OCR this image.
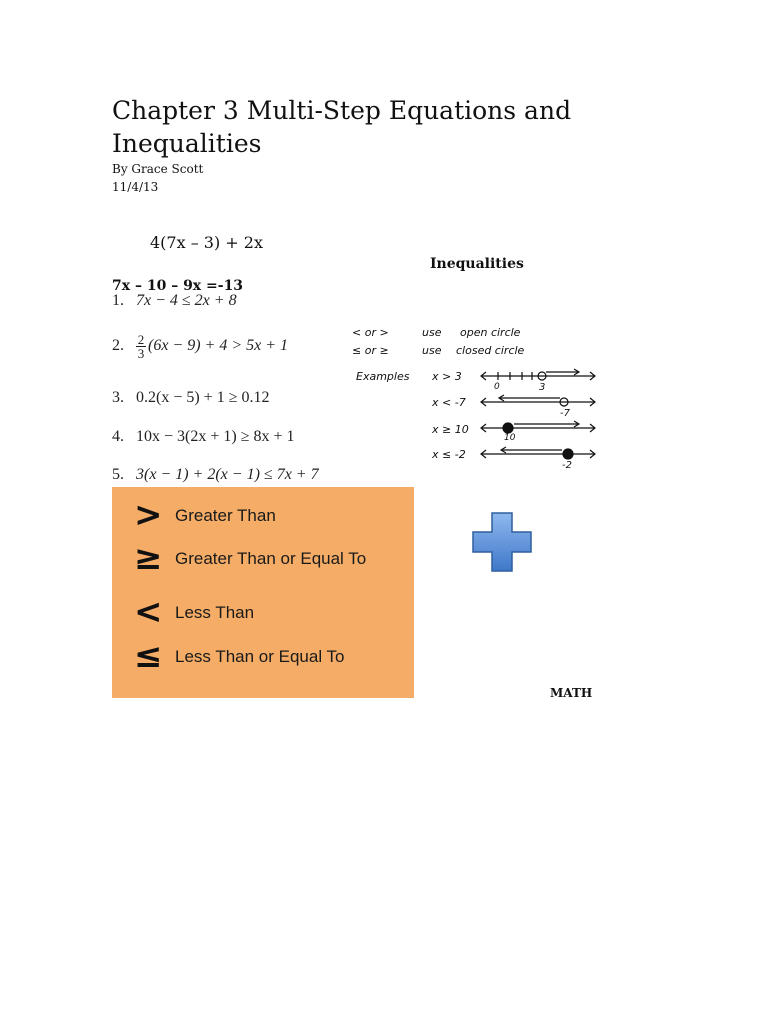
Chapter 3 Multi-Step Equations and Inequalities
By Grace Scott
11/4/13
4(7x – 3) + 2x
Inequalities
7x – 10 – 9x =-13
1. 7x − 4 ≤ 2x + 8
2. $\frac{2}{3} (6x - 9) + 4 > 5x + 1$
3. 0.2(x − 5) + 1 ≥ 0.12
4. 10x − 3(2x + 1) ≥ 8x + 1
5. 3(x − 1) + 2(x − 1) ≤ 7x + 7
< or >	use open circle
≤ or ≥	use closed circle
Examples x > 3
x < -7
x ≥ 10
x ≤ -2
0	3
-7
10
-2
> Greater Than
≥ Greater Than or Equal To
< Less Than
≤ Less Than or Equal To
MATH
